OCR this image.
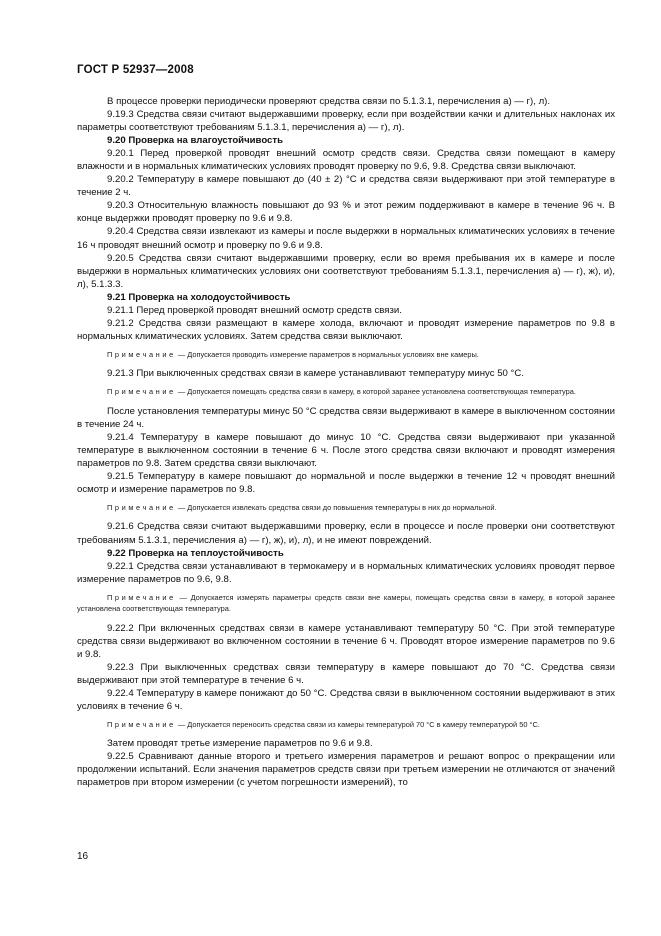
ГОСТ Р 52937—2008

В процессе проверки периодически проверяют средства связи по 5.1.3.1, перечисления а) — г), л).

9.19.3 Средства связи считают выдержавшими проверку, если при воздействии качки и длительных наклонах их параметры соответствуют требованиям 5.1.3.1, перечисления а) — г), л).

9.20 Проверка на влагоустойчивость

9.20.1 Перед проверкой проводят внешний осмотр средств связи. Средства связи помещают в камеру влажности и в нормальных климатических условиях проводят проверку по 9.6, 9.8. Средства связи выключают.

9.20.2 Температуру в камере повышают до (40 ± 2) °С и средства связи выдерживают при этой температуре в течение 2 ч.

9.20.3 Относительную влажность повышают до 93 % и этот режим поддерживают в камере в течение 96 ч. В конце выдержки проводят проверку по 9.6 и 9.8.

9.20.4 Средства связи извлекают из камеры и после выдержки в нормальных климатических условиях в течение 16 ч проводят внешний осмотр и проверку по 9.6 и 9.8.

9.20.5 Средства связи считают выдержавшими проверку, если во время пребывания их в камере и после выдержки в нормальных климатических условиях они соответствуют требованиям 5.1.3.1, перечисления а) — г), ж), и), л), 5.1.3.3.

9.21 Проверка на холодоустойчивость

9.21.1 Перед проверкой проводят внешний осмотр средств связи.

9.21.2 Средства связи размещают в камере холода, включают и проводят измерение параметров по 9.8 в нормальных климатических условиях. Затем средства связи выключают.

Примечание — Допускается проводить измерение параметров в нормальных условиях вне камеры.

9.21.3 При выключенных средствах связи в камере устанавливают температуру минус 50 °С.

Примечание — Допускается помещать средства связи в камеру, в которой заранее установлена соответствующая температура.

После установления температуры минус 50 °С средства связи выдерживают в камере в выключенном состоянии в течение 24 ч.

9.21.4 Температуру в камере повышают до минус 10 °С. Средства связи выдерживают при указанной температуре в выключенном состоянии в течение 6 ч. После этого средства связи включают и проводят измерения параметров по 9.8. Затем средства связи выключают.

9.21.5 Температуру в камере повышают до нормальной и после выдержки в течение 12 ч проводят внешний осмотр и измерение параметров по 9.8.

Примечание — Допускается извлекать средства связи до повышения температуры в них до нормальной.

9.21.6 Средства связи считают выдержавшими проверку, если в процессе и после проверки они соответствуют требованиям 5.1.3.1, перечисления а) — г), ж), и), л), и не имеют повреждений.

9.22 Проверка на теплоустойчивость

9.22.1 Средства связи устанавливают в термокамеру и в нормальных климатических условиях проводят первое измерение параметров по 9.6, 9.8.

Примечание — Допускается измерять параметры средств связи вне камеры, помещать средства связи в камеру, в которой заранее установлена соответствующая температура.

9.22.2 При включенных средствах связи в камере устанавливают температуру 50 °С. При этой температуре средства связи выдерживают во включенном состоянии в течение 6 ч. Проводят второе измерение параметров по 9.6 и 9.8.

9.22.3 При выключенных средствах связи температуру в камере повышают до 70 °С. Средства связи выдерживают при этой температуре в течение 6 ч.

9.22.4 Температуру в камере понижают до 50 °С. Средства связи в выключенном состоянии выдерживают в этих условиях в течение 6 ч.

Примечание — Допускается переносить средства связи из камеры температурой 70 °С в камеру температурой 50 °С.

Затем проводят третье измерение параметров по 9.6 и 9.8.

9.22.5 Сравнивают данные второго и третьего измерения параметров и решают вопрос о прекращении или продолжении испытаний. Если значения параметров средств связи при третьем измерении не отличаются от значений параметров при втором измерении (с учетом погрешности измерений), то

16
